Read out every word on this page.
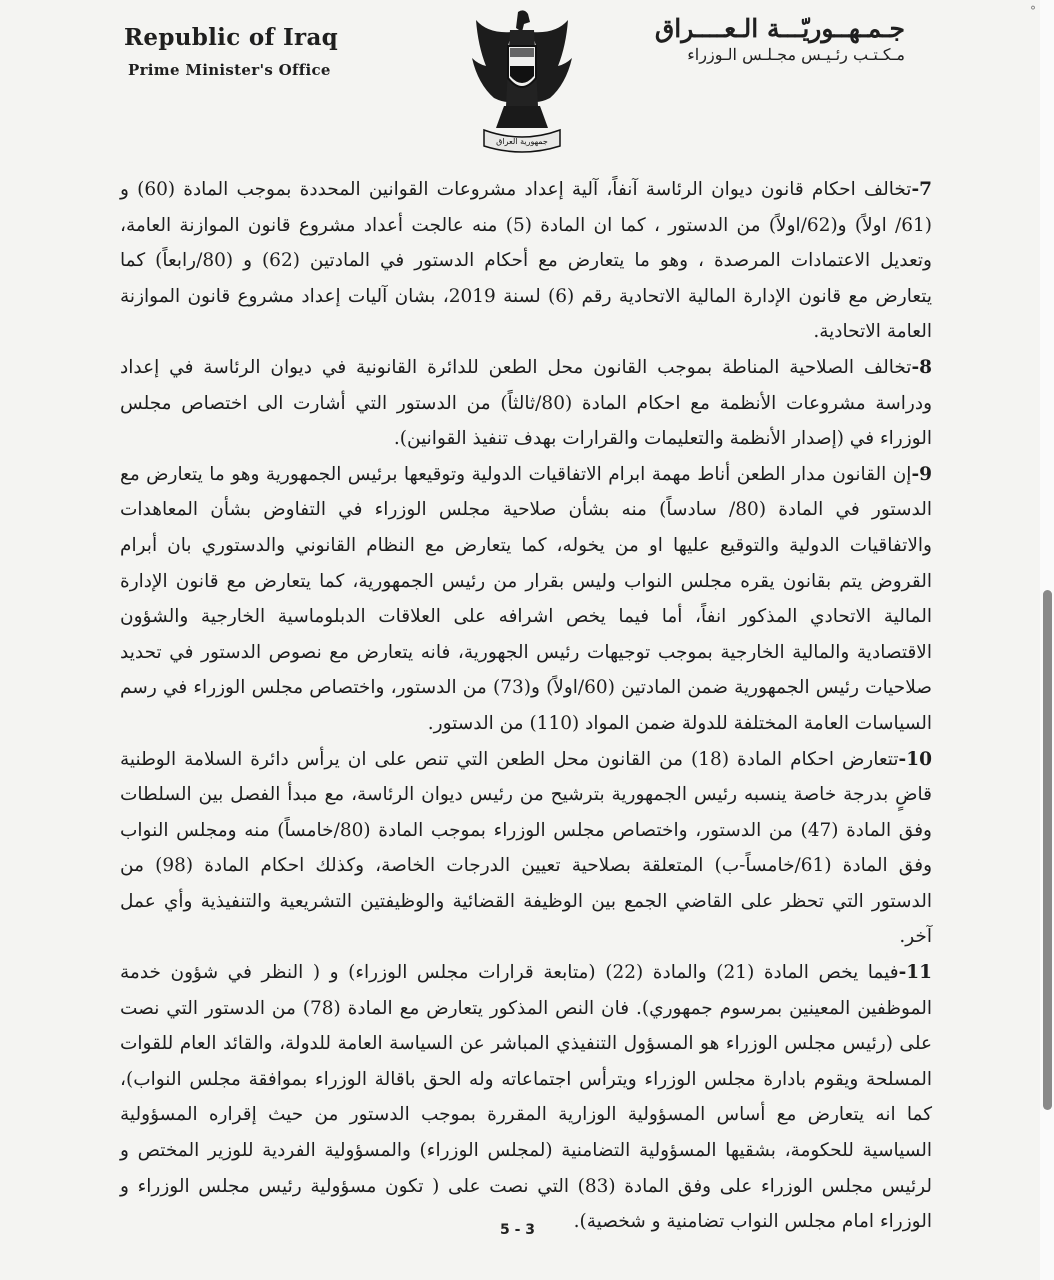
°
Republic of Iraq
Prime Minister's Office
جمهورية العراق
جـمـهــوريّـــة الـعــــراق
مـكـتـب رئـيـس مجـلـس الـوزراء

7-تخالف احكام قانون ديوان الرئاسة آنفاً، آلية إعداد مشروعات القوانين المحددة بموجب المادة (60) و (61/ اولاً) و(62/اولاً) من الدستور ، كما ان المادة (5) منه عالجت أعداد مشروع قانون الموازنة العامة، وتعديل الاعتمادات المرصدة ، وهو ما يتعارض مع أحكام الدستور في المادتين (62) و (80/رابعاً) كما يتعارض مع قانون الإدارة المالية الاتحادية رقم (6) لسنة 2019، بشان آليات إعداد مشروع قانون الموازنة العامة الاتحادية.

8-تخالف الصلاحية المناطة بموجب القانون محل الطعن للدائرة القانونية في ديوان الرئاسة في إعداد ودراسة مشروعات الأنظمة مع احكام المادة (80/ثالثاً) من الدستور التي أشارت الى اختصاص مجلس الوزراء في (إصدار الأنظمة والتعليمات والقرارات بهدف تنفيذ القوانين).

9-إن القانون مدار الطعن أناط مهمة ابرام الاتفاقيات الدولية وتوقيعها برئيس الجمهورية وهو ما يتعارض مع الدستور في المادة (80/ سادساً) منه بشأن صلاحية مجلس الوزراء في التفاوض بشأن المعاهدات والاتفاقيات الدولية والتوقيع عليها او من يخوله، كما يتعارض مع النظام القانوني والدستوري بان أبرام القروض يتم بقانون يقره مجلس النواب وليس بقرار من رئيس الجمهورية، كما يتعارض مع قانون الإدارة المالية الاتحادي المذكور انفاً، أما فيما يخص اشرافه على العلاقات الدبلوماسية الخارجية والشؤون الاقتصادية والمالية الخارجية بموجب توجيهات رئيس الجهورية، فانه يتعارض مع نصوص الدستور في تحديد صلاحيات رئيس الجمهورية ضمن المادتين (60/اولاً) و(73) من الدستور، واختصاص مجلس الوزراء في رسم السياسات العامة المختلفة للدولة ضمن المواد (110) من الدستور.

10-تتعارض احكام المادة (18) من القانون محل الطعن التي تنص على ان يرأس دائرة السلامة الوطنية قاضٍ بدرجة خاصة ينسبه رئيس الجمهورية بترشيح من رئيس ديوان الرئاسة، مع مبدأ الفصل بين السلطات وفق المادة (47) من الدستور، واختصاص مجلس الوزراء بموجب المادة (80/خامساً) منه ومجلس النواب وفق المادة (61/خامساً-ب) المتعلقة بصلاحية تعيين الدرجات الخاصة، وكذلك احكام المادة (98) من الدستور التي تحظر على القاضي الجمع بين الوظيفة القضائية والوظيفتين التشريعية والتنفيذية وأي عمل آخر.

11-فيما يخص المادة (21) والمادة (22) (متابعة قرارات مجلس الوزراء) و ( النظر في شؤون خدمة الموظفين المعينين بمرسوم جمهوري). فان النص المذكور يتعارض مع المادة (78) من الدستور التي نصت على (رئيس مجلس الوزراء هو المسؤول التنفيذي المباشر عن السياسة العامة للدولة، والقائد العام للقوات المسلحة ويقوم بادارة مجلس الوزراء ويترأس اجتماعاته وله الحق باقالة الوزراء بموافقة مجلس النواب)، كما انه يتعارض مع أساس المسؤولية الوزارية المقررة بموجب الدستور من حيث إقراره المسؤولية السياسية للحكومة، بشقيها المسؤولية التضامنية (لمجلس الوزراء) والمسؤولية الفردية للوزير المختص و لرئيس مجلس الوزراء على وفق المادة (83) التي نصت على ( تكون مسؤولية رئيس مجلس الوزراء و الوزراء امام مجلس النواب تضامنية و شخصية).

5 - 3
